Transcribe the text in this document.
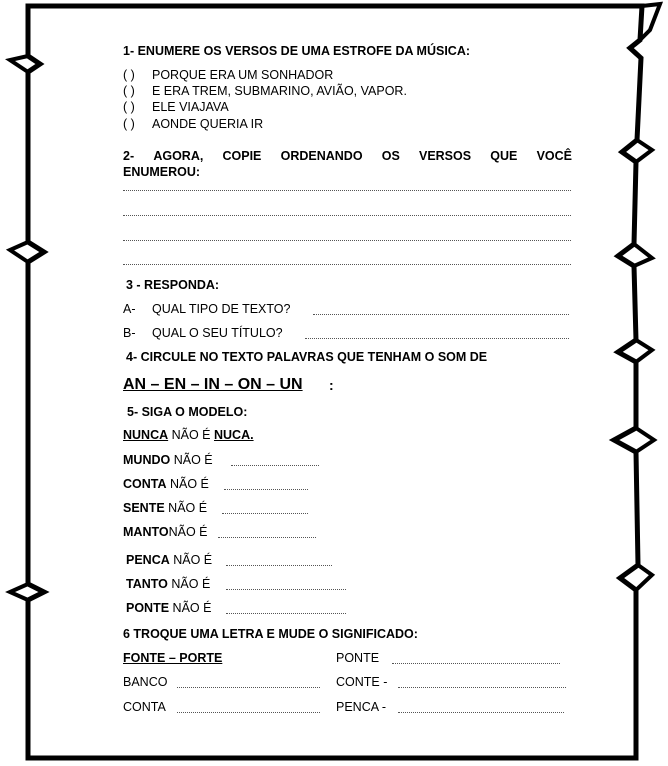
1- ENUMERE OS VERSOS DE UMA ESTROFE DA MÚSICA:
( ) PORQUE ERA UM SONHADOR
( ) E ERA TREM, SUBMARINO, AVIÃO, VAPOR.
( ) ELE VIAJAVA
( ) AONDE QUERIA IR
2- AGORA, COPIE ORDENANDO OS VERSOS QUE VOCÊ
ENUMEROU:
3 - RESPONDA:
A- QUAL TIPO DE TEXTO?
B- QUAL O SEU TÍTULO?
4- CIRCULE NO TEXTO PALAVRAS QUE TENHAM O SOM DE
AN – EN – IN – ON – UN :
5- SIGA O MODELO:
NUNCA NÃO É NUCA.
MUNDO NÃO É
CONTA NÃO É
SENTE NÃO É
MANTONÃO É
PENCA NÃO É
TANTO NÃO É
PONTE NÃO É
6 TROQUE UMA LETRA E MUDE O SIGNIFICADO:
FONTE – PORTE	PONTE
BANCO	CONTE -
CONTA	PENCA -
